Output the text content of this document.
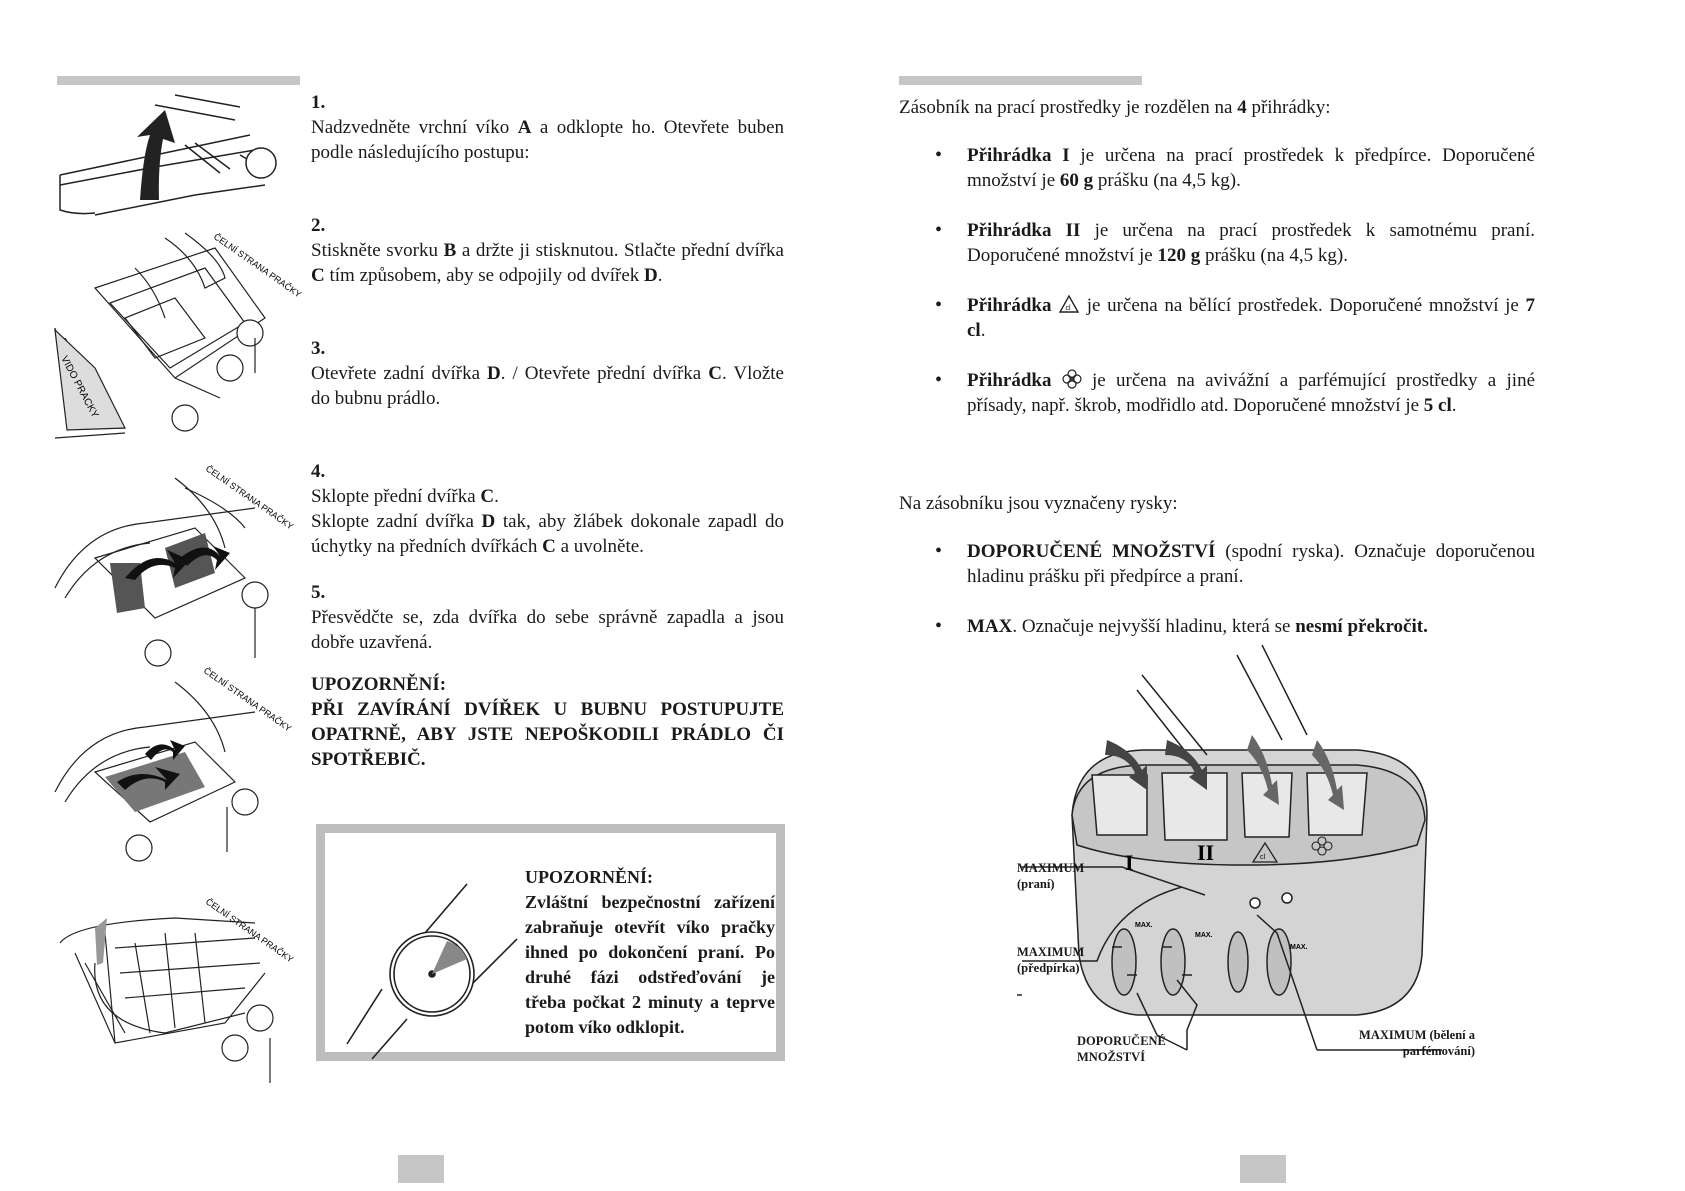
VIDO PRACKY
ČELNÍ STRANA PRAČKY
ČELNÍ STRANA PRAČKY
ČELNÍ STRANA PRAČKY
ČELNÍ STRANA PRAČKY
1.
Nadzvedněte vrchní víko A a odklopte ho. Otevřete buben podle následujícího postupu:
2.
Stiskněte svorku B a držte ji stisknutou. Stlačte přední dvířka C tím způsobem, aby se odpojily od dvířek D.
3.
Otevřete zadní dvířka D. / Otevřete přední dvířka C. Vložte do bubnu prádlo.
4.
Sklopte přední dvířka C.
Sklopte zadní dvířka D tak, aby žlábek dokonale zapadl do úchytky na předních dvířkách C a uvolněte.
5.
Přesvědčte se, zda dvířka do sebe správně zapadla a jsou dobře uzavřená.
UPOZORNĚNÍ:
PŘI ZAVÍRÁNÍ DVÍŘEK U BUBNU POSTUPUJTE OPATRNĚ, ABY JSTE NEPOŠKODILI PRÁDLO ČI SPOTŘEBIČ.
UPOZORNĚNÍ:
Zvláštní bezpečnostní zařízení zabraňuje otevřít víko pračky ihned po dokončení praní. Po druhé fázi odstřeďování je třeba počkat 2 minuty a teprve potom víko odklopit.
Zásobník na prací prostředky je rozdělen na 4 přihrádky:
• Přihrádka I je určena na prací prostředek k předpírce. Doporučené množství je 60 g prášku (na 4,5 kg).
• Přihrádka II je určena na prací prostředek k samotnému praní. Doporučené množství je 120 g prášku (na 4,5 kg).
• Přihrádka cl je určena na bělící prostředek. Doporučené množství je 7 cl.
• Přihrádka  je určena na avivážní a parfémující prostředky a jiné přísady, např. škrob, modřidlo atd. Doporučené množství je 5 cl.
Na zásobníku jsou vyznačeny rysky:
• DOPORUČENÉ MNOŽSTVÍ (spodní ryska). Označuje doporučenou hladinu prášku při předpírce a praní.
• MAX. Označuje nejvyšší hladinu, která se nesmí překročit.
I	II	cl
MAX.
MAX.
MAX.
MAXIMUM (praní)
MAXIMUM (předpírka)
DOPORUČENÉ MNOŽSTVÍ
MAXIMUM (bělení a parfémování)
